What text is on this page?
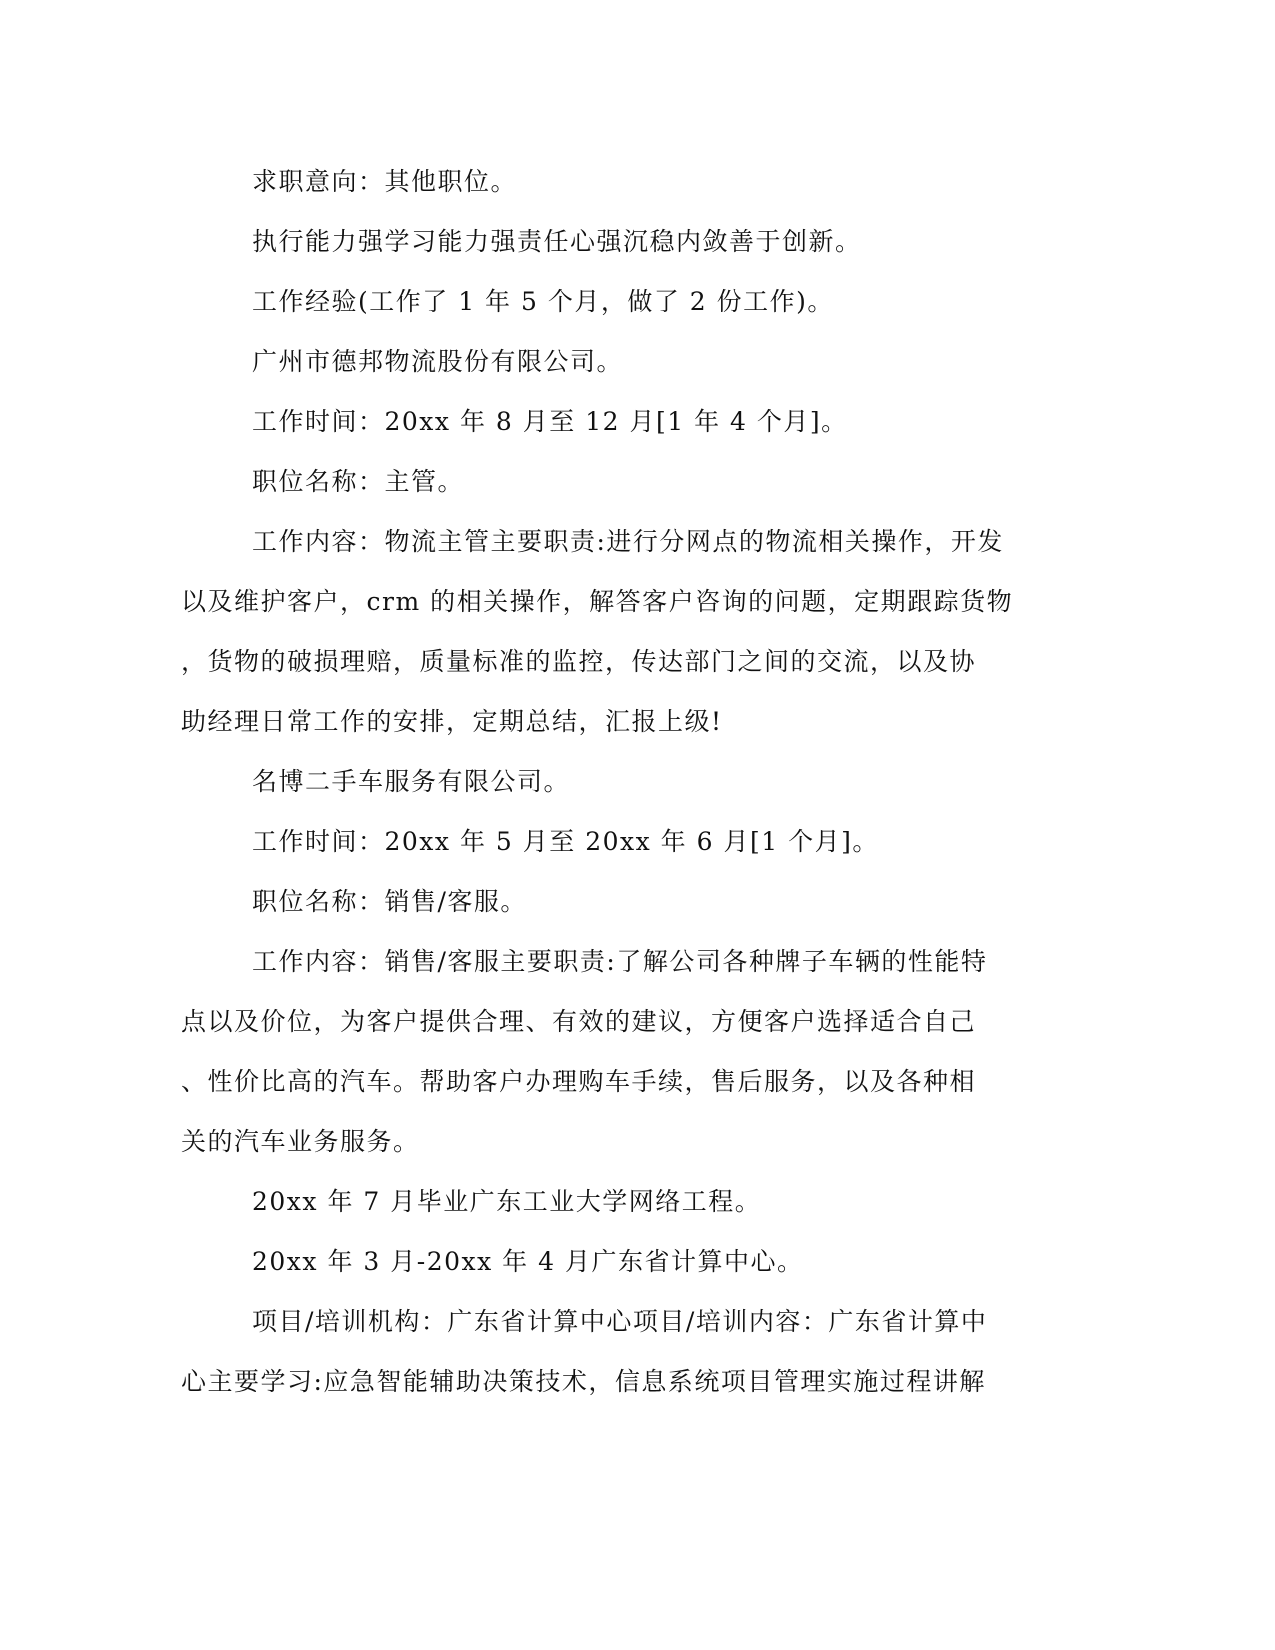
求职意向：其他职位。
执行能力强学习能力强责任心强沉稳内敛善于创新。
工作经验(工作了 1 年 5 个月，做了 2 份工作)。
广州市德邦物流股份有限公司。
工作时间：20xx 年 8 月至 12 月[1 年 4 个月]。
职位名称：主管。
工作内容：物流主管主要职责:进行分网点的物流相关操作，开发
以及维护客户，crm 的相关操作，解答客户咨询的问题，定期跟踪货物
，货物的破损理赔，质量标准的监控，传达部门之间的交流，以及协
助经理日常工作的安排，定期总结，汇报上级!
名博二手车服务有限公司。
工作时间：20xx 年 5 月至 20xx 年 6 月[1 个月]。
职位名称：销售/客服。
工作内容：销售/客服主要职责:了解公司各种牌子车辆的性能特
点以及价位，为客户提供合理、有效的建议，方便客户选择适合自己
、性价比高的汽车。帮助客户办理购车手续，售后服务，以及各种相
关的汽车业务服务。
20xx 年 7 月毕业广东工业大学网络工程。
20xx 年 3 月-20xx 年 4 月广东省计算中心。
项目/培训机构：广东省计算中心项目/培训内容：广东省计算中
心主要学习:应急智能辅助决策技术，信息系统项目管理实施过程讲解
